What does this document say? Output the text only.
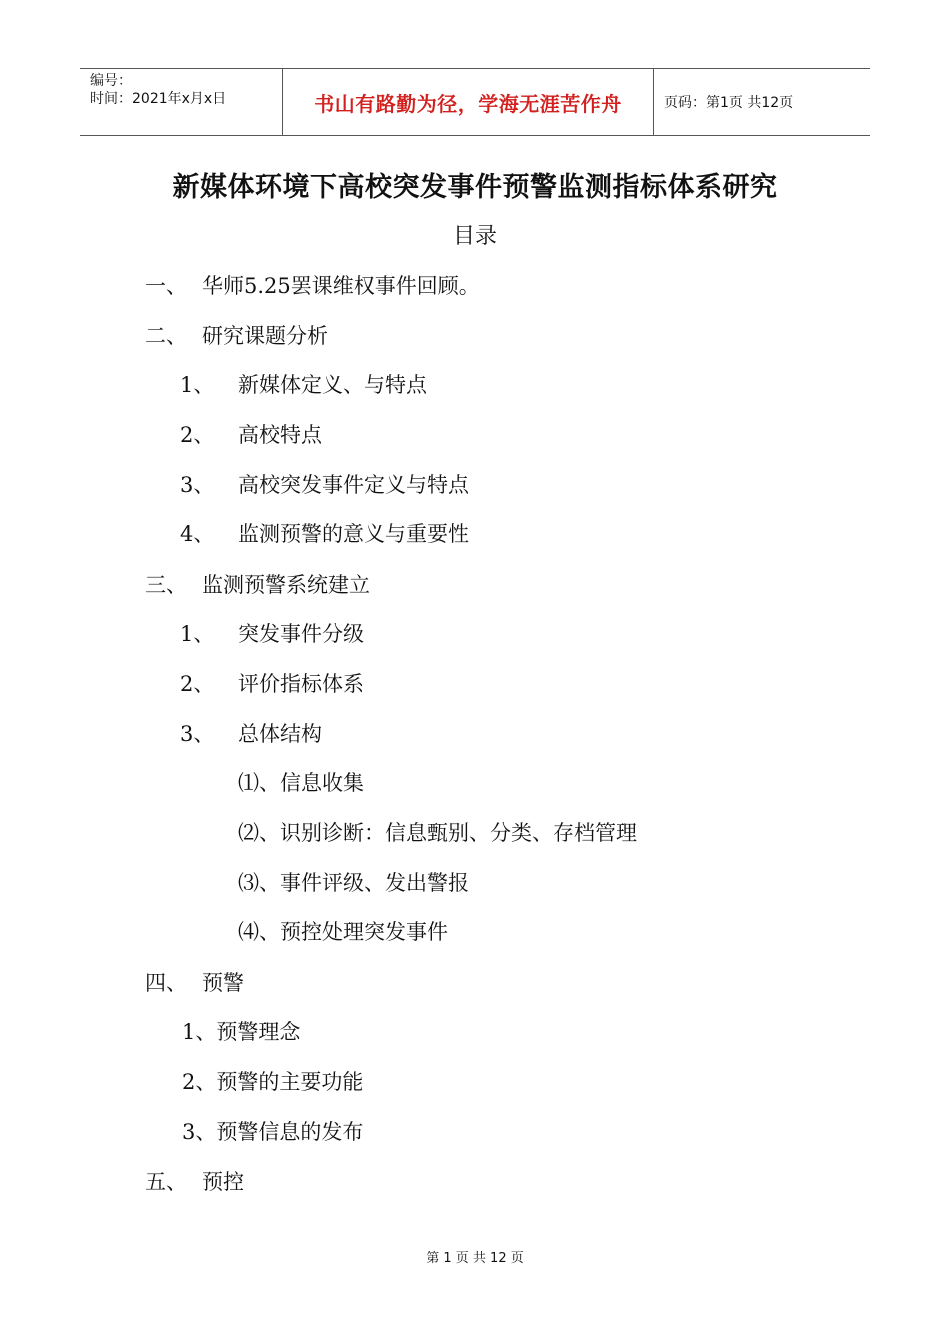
编号：
时间：2021年x月x日	书山有路勤为径，学海无涯苦作舟	页码：第1页 共12页
新媒体环境下高校突发事件预警监测指标体系研究
目录
一、 华师5.25罢课维权事件回顾。
二、 研究课题分析
1、 新媒体定义、与特点
2、 高校特点
3、 高校突发事件定义与特点
4、 监测预警的意义与重要性
三、 监测预警系统建立
1、 突发事件分级
2、 评价指标体系
3、 总体结构
⑴、信息收集
⑵、识别诊断：信息甄别、分类、存档管理
⑶、事件评级、发出警报
⑷、预控处理突发事件
四、 预警
1、预警理念
2、预警的主要功能
3、预警信息的发布
五、 预控
第 1 页 共 12 页
